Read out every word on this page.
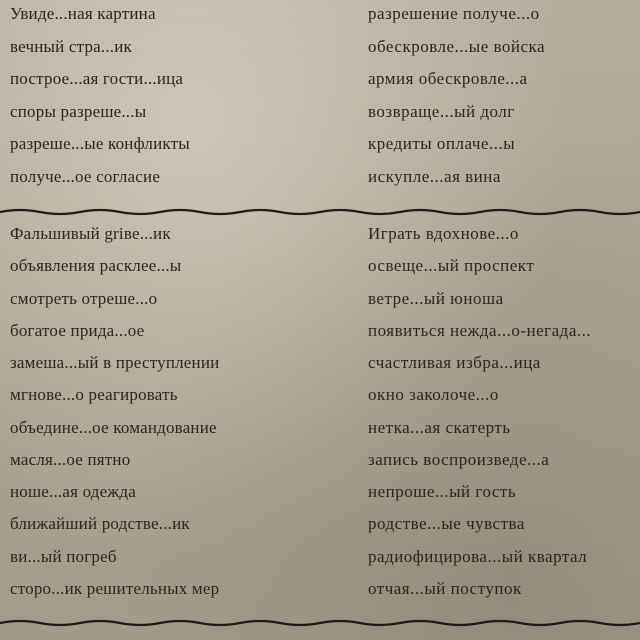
Увиде...ная картина
вечный стра...ик
построе...ая гости...ица
споры разреше...ы
разреше...ые конфликты
получе...ое согласие
разрешение получе...о
обескровле...ые войска
армия обескровле...а
возвраще...ый долг
кредиты оплаче...ы
искупле...ая вина
Фальшивый griве...ик
объявления расклее...ы
смотреть отреше...о
богатое прида...ое
замеша...ый в преступлении
мгнове...о реагировать
объедине...ое командование
масля...ое пятно
ноше...ая одежда
ближайший родстве...ик
ви...ый погреб
сторо...ик решительных мер
Играть вдохнове...о
освеще...ый проспект
ветре...ый юноша
появиться нежда...о-негада...
счастливая избра...ица
окно заколоче...о
нетка...ая скатерть
запись воспроизведе...а
непроше...ый гость
родстве...ые чувства
радиофицирова...ый квартал
отчая...ый поступок
